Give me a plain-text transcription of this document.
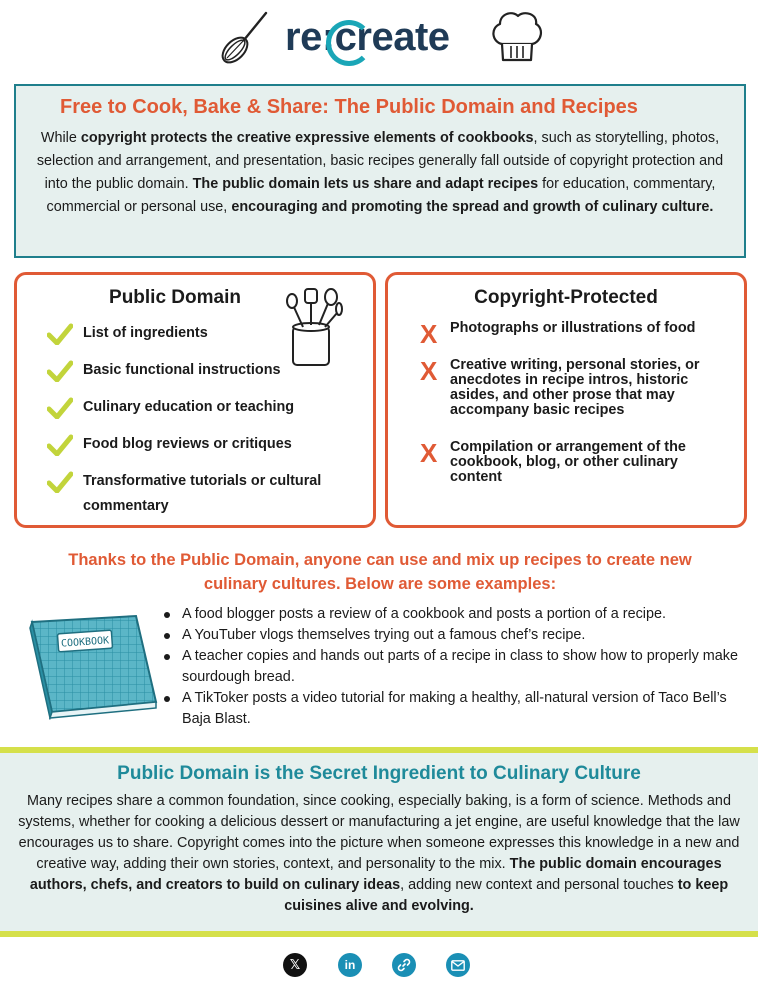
re:create
Free to Cook, Bake & Share: The Public Domain and Recipes

While copyright protects the creative expressive elements of cookbooks, such as storytelling, photos, selection and arrangement, and presentation, basic recipes generally fall outside of copyright protection and into the public domain. The public domain lets us share and adapt recipes for education, commentary, commercial or personal use, encouraging and promoting the spread and growth of culinary culture.

Public Domain
List of ingredients
Basic functional instructions
Culinary education or teaching
Food blog reviews or critiques
Transformative tutorials or cultural commentary
Copyright-Protected
X Photographs or illustrations of food
X Creative writing, personal stories, or anecdotes in recipe intros, historic asides, and other prose that may accompany basic recipes
X Compilation or arrangement of the cookbook, blog, or other culinary content
Thanks to the Public Domain, anyone can use and mix up recipes to create new culinary cultures. Below are some examples:
COOKBOOK
A food blogger posts a review of a cookbook and posts a portion of a recipe.
A YouTuber vlogs themselves trying out a famous chef’s recipe.
A teacher copies and hands out parts of a recipe in class to show how to properly make sourdough bread.
A TikToker posts a video tutorial for making a healthy, all-natural version of Taco Bell’s Baja Blast.
Public Domain is the Secret Ingredient to Culinary Culture

Many recipes share a common foundation, since cooking, especially baking, is a form of science. Methods and systems, whether for cooking a delicious dessert or manufacturing a jet engine, are useful knowledge that the law encourages us to share. Copyright comes into the picture when someone expresses this knowledge in a new and creative way, adding their own stories, context, and personality to the mix. The public domain encourages authors, chefs, and creators to build on culinary ideas, adding new context and personal touches to keep cuisines alive and evolving.

𝕏	in
